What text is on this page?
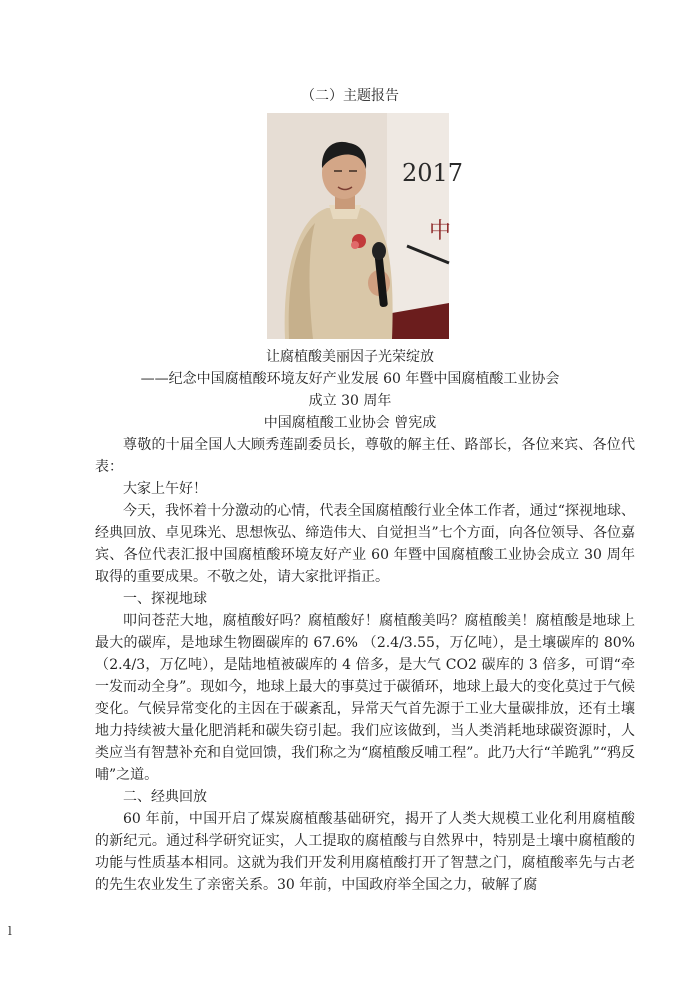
（二）主题报告
2017
中
让腐植酸美丽因子光荣绽放
——纪念中国腐植酸环境友好产业发展 60 年暨中国腐植酸工业协会
成立 30 周年
中国腐植酸工业协会 曾宪成

尊敬的十届全国人大顾秀莲副委员长，尊敬的解主任、路部长，各位来宾、各位代表：

大家上午好！

今天，我怀着十分激动的心情，代表全国腐植酸行业全体工作者，通过“探视地球、经典回放、卓见珠光、思想恢弘、缔造伟大、自觉担当”七个方面，向各位领导、各位嘉宾、各位代表汇报中国腐植酸环境友好产业 60 年暨中国腐植酸工业协会成立 30 周年取得的重要成果。不敬之处，请大家批评指正。

一、探视地球

叩问苍茫大地，腐植酸好吗？腐植酸好！腐植酸美吗？腐植酸美！腐植酸是地球上最大的碳库，是地球生物圈碳库的 67.6% （2.4/3.55，万亿吨），是土壤碳库的 80% （2.4/3，万亿吨），是陆地植被碳库的 4 倍多，是大气 CO2 碳库的 3 倍多，可谓“牵一发而动全身”。现如今，地球上最大的事莫过于碳循环，地球上最大的变化莫过于气候变化。气候异常变化的主因在于碳紊乱，异常天气首先源于工业大量碳排放，还有土壤地力持续被大量化肥消耗和碳失窃引起。我们应该做到，当人类消耗地球碳资源时，人类应当有智慧补充和自觉回馈，我们称之为“腐植酸反哺工程”。此乃大行“羊跪乳”“鸦反哺”之道。

二、经典回放

60 年前，中国开启了煤炭腐植酸基础研究，揭开了人类大规模工业化利用腐植酸的新纪元。通过科学研究证实，人工提取的腐植酸与自然界中，特别是土壤中腐植酸的功能与性质基本相同。这就为我们开发利用腐植酸打开了智慧之门，腐植酸率先与古老的先生农业发生了亲密关系。30 年前，中国政府举全国之力，破解了腐

l
